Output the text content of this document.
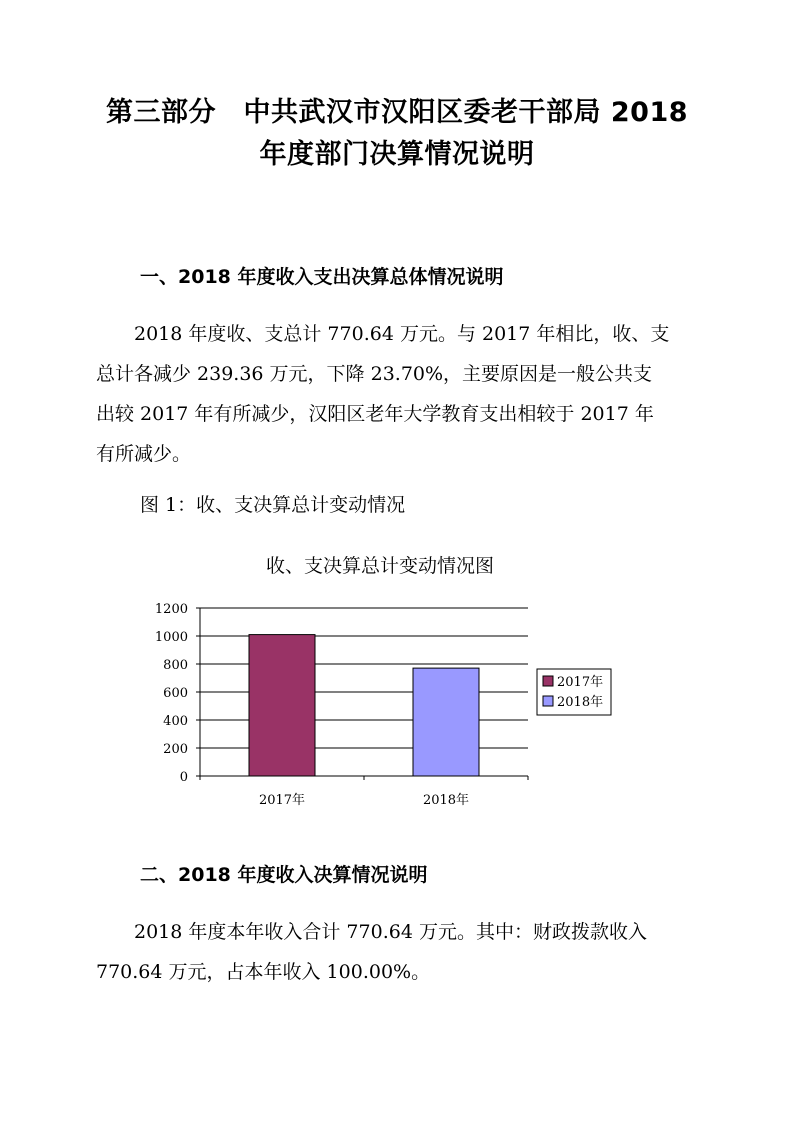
第三部分　中共武汉市汉阳区委老干部局 2018
年度部门决算情况说明
一、2018 年度收入支出决算总体情况说明

　　2018 年度收、支总计 770.64 万元。与 2017 年相比，收、支

总计各减少 239.36 万元，下降 23.70%，主要原因是一般公共支

出较 2017 年有所减少，汉阳区老年大学教育支出相较于 2017 年

有所减少。

图 1：收、支决算总计变动情况
收、支决算总计变动情况图
0
200
400
600
800
1000
1200
2017年	2018年
2017年
2018年
二、2018 年度收入决算情况说明

　　2018 年度本年收入合计 770.64 万元。其中：财政拨款收入

770.64 万元，占本年收入 100.00%。
